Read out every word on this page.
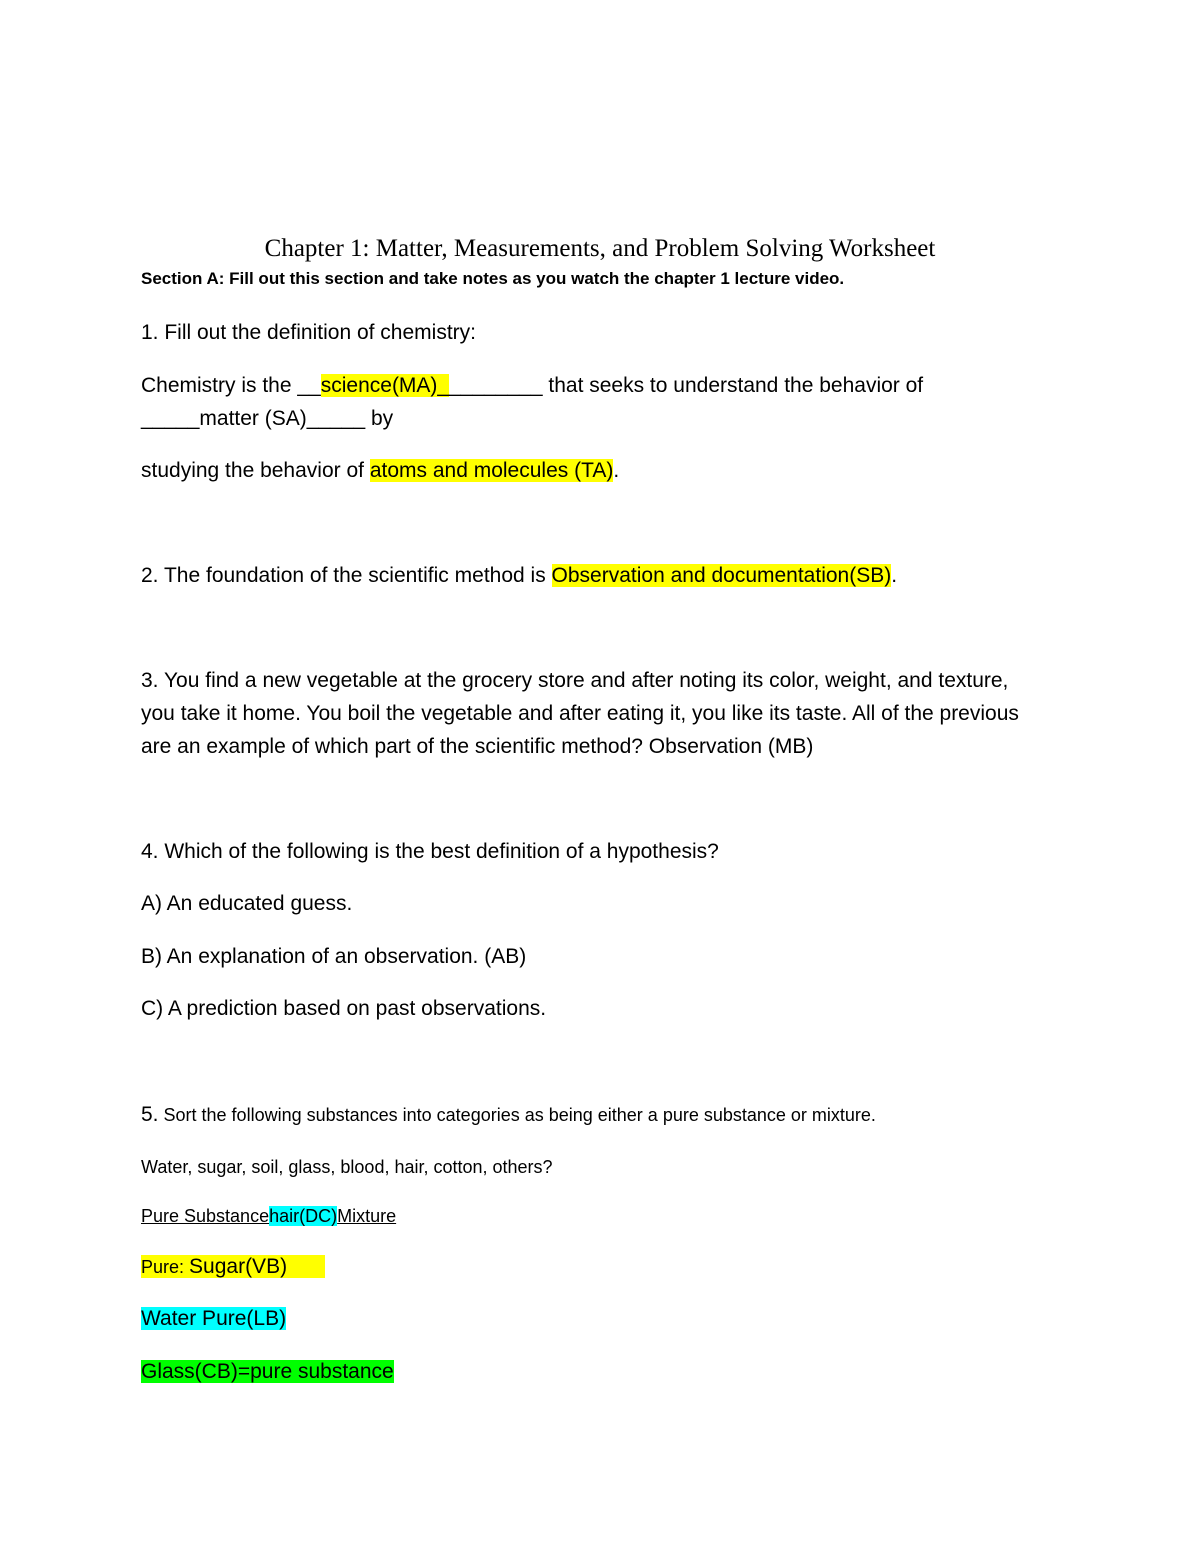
Chapter 1: Matter, Measurements, and Problem Solving Worksheet
Section A: Fill out this section and take notes as you watch the chapter 1 lecture video.
1. Fill out the definition of chemistry:
Chemistry is the __science(MA)_________ that seeks to understand the behavior of
_____matter (SA)_____ by
studying the behavior of atoms and molecules (TA).
2. The foundation of the scientific method is Observation and documentation(SB).
3. You find a new vegetable at the grocery store and after noting its color, weight, and texture,
you take it home. You boil the vegetable and after eating it, you like its taste. All of the previous
are an example of which part of the scientific method? Observation (MB)
4. Which of the following is the best definition of a hypothesis?
A) An educated guess.
B) An explanation of an observation. (AB)
C) A prediction based on past observations.
5. Sort the following substances into categories as being either a pure substance or mixture.
Water, sugar, soil, glass, blood, hair, cotton, others?
Pure Substancehair(DC)Mixture
Pure: Sugar(VB)
Water Pure(LB)
Glass(CB)=pure substance
